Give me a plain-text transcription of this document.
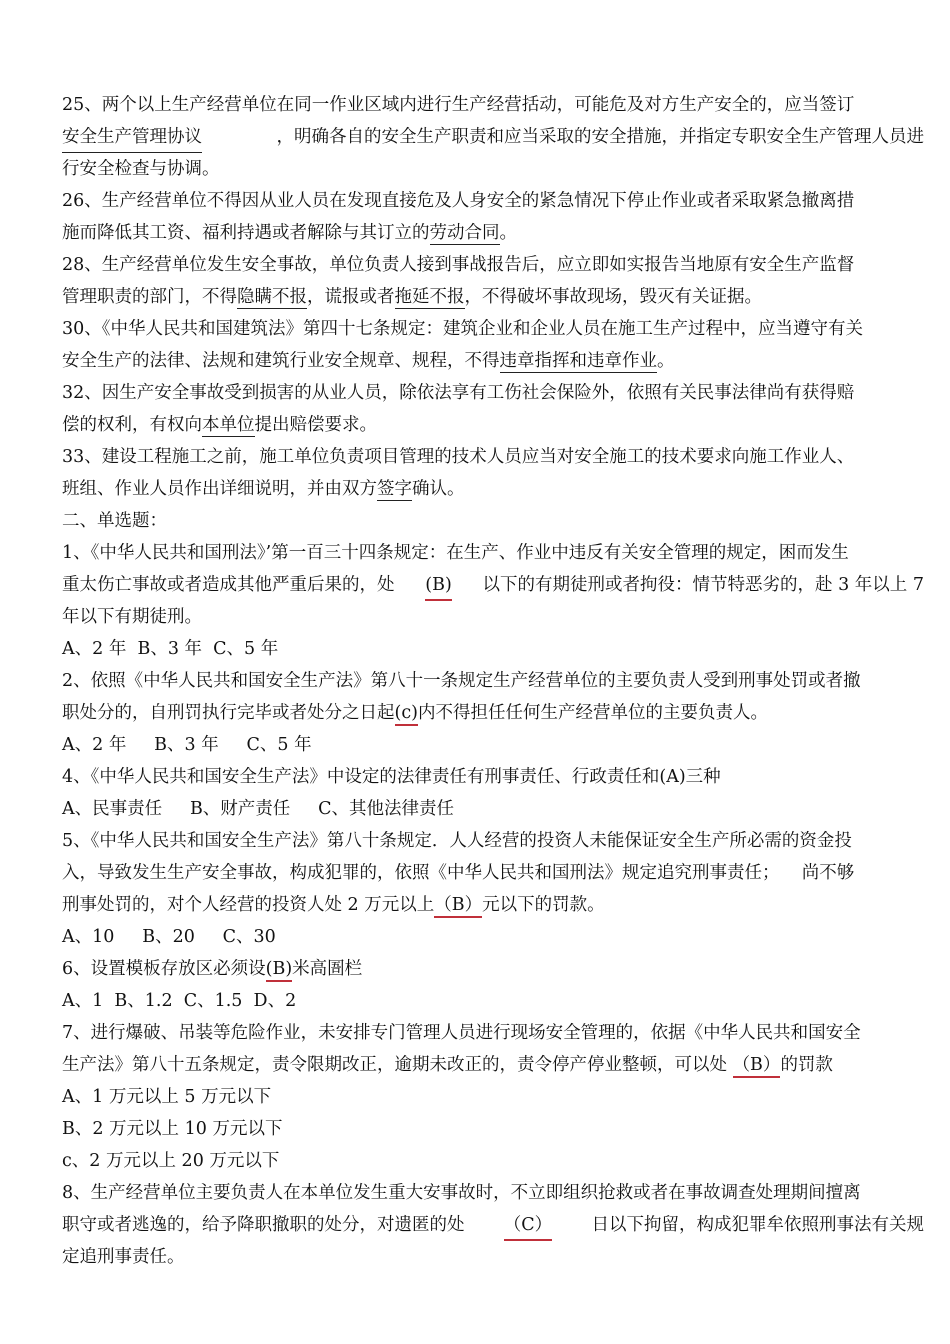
25、两个以上生产经营单位在同一作业区域内进行生产经营括动，可能危及对方生产安全的，应当签订
安全生产管理协议	，明确各自的安全生产职责和应当采取的安全措施，并指定专职安全生产管理人员进
行安全检查与协调。
26、生产经营单位不得因从业人员在发现直接危及人身安全的紧急情况下停止作业或者采取紧急撤离措
施而降低其工资、福利持遇或者解除与其订立的劳动合同。
28、生产经营单位发生安全事故，单位负责人接到事战报告后，应立即如实报告当地原有安全生产监督
管理职责的部门，不得隐瞒不报，谎报或者拖延不报，不得破坏事故现场，毁灭有关证据。
30、《中华人民共和国建筑法》第四十七条规定：建筑企业和企业人员在施工生产过程中，应当遵守有关
安全生产的法律、法规和建筑行业安全规章、规程，不得违章指挥和违章作业。
32、因生产安全事故受到损害的从业人员，除依法享有工伤社会保险外，依照有关民事法律尚有获得赔
偿的权利，有权向本单位提出赔偿要求。
33、建设工程施工之前，施工单位负责项目管理的技术人员应当对安全施工的技术要求向施工作业人、
班组、作业人员作出详细说明，并由双方签字确认。
二、单选题：
1、《中华人民共和国刑法》’第一百三十四条规定：在生产、作业中违反有关安全管理的规定，困而发生
重太伤亡事故或者造成其他严重后果的，处 (B) 以下的有期徒刑或者拘役：情节特恶劣的，赴 3 年以上 7
年以下有期徒刑。
A、2 年  B、3 年  C、5 年
2、依照《中华人民共和国安全生产法》第八十一条规定生产经营单位的主要负责人受到刑事处罚或者撤
职处分的，自刑罚执行完毕或者处分之日起(c)内不得担任任何生产经营单位的主要负责人。
A、2 年     B、3 年     C、5 年
4、《中华人民共和国安全生产法》中设定的法律责任有刑事责任、行政责任和(A)三种
A、民事责任     B、财产责任     C、其他法律责任
5、《中华人民共和国安全生产法》第八十条规定．人人经营的投资人未能保证安全生产所必需的资金投
入，导致发生生产安全事故，构成犯罪的，依照《中华人民共和国刑法》规定追究刑事责任；    尚不够
刑事处罚的，对个人经营的投资人处 2 万元以上（B）元以下的罚款。
A、10     B、20     C、30
6、设置模板存放区必须设(B)米高圄栏
A、1  B、1.2  C、1.5  D、2
7、进行爆破、吊装等危险作业，未安排专门管理人员进行现场安全管理的，依据《中华人民共和国安全
生产法》第八十五条规定，责令限期改正，逾期未改正的，责令停产停业整顿，可以处 （B）的罚款
A、1 万元以上 5 万元以下
B、2 万元以上 10 万元以下
c、2 万元以上 20 万元以下
8、生产经营单位主要负责人在本单位发生重大安事故时，不立即组织抢救或者在事故调查处理期间擅离
职守或者逃逸的，给予降职撤职的处分，对遗匿的处 （C） 日以下拘留，构成犯罪牟依照刑事法有关规
定追刑事责任。
